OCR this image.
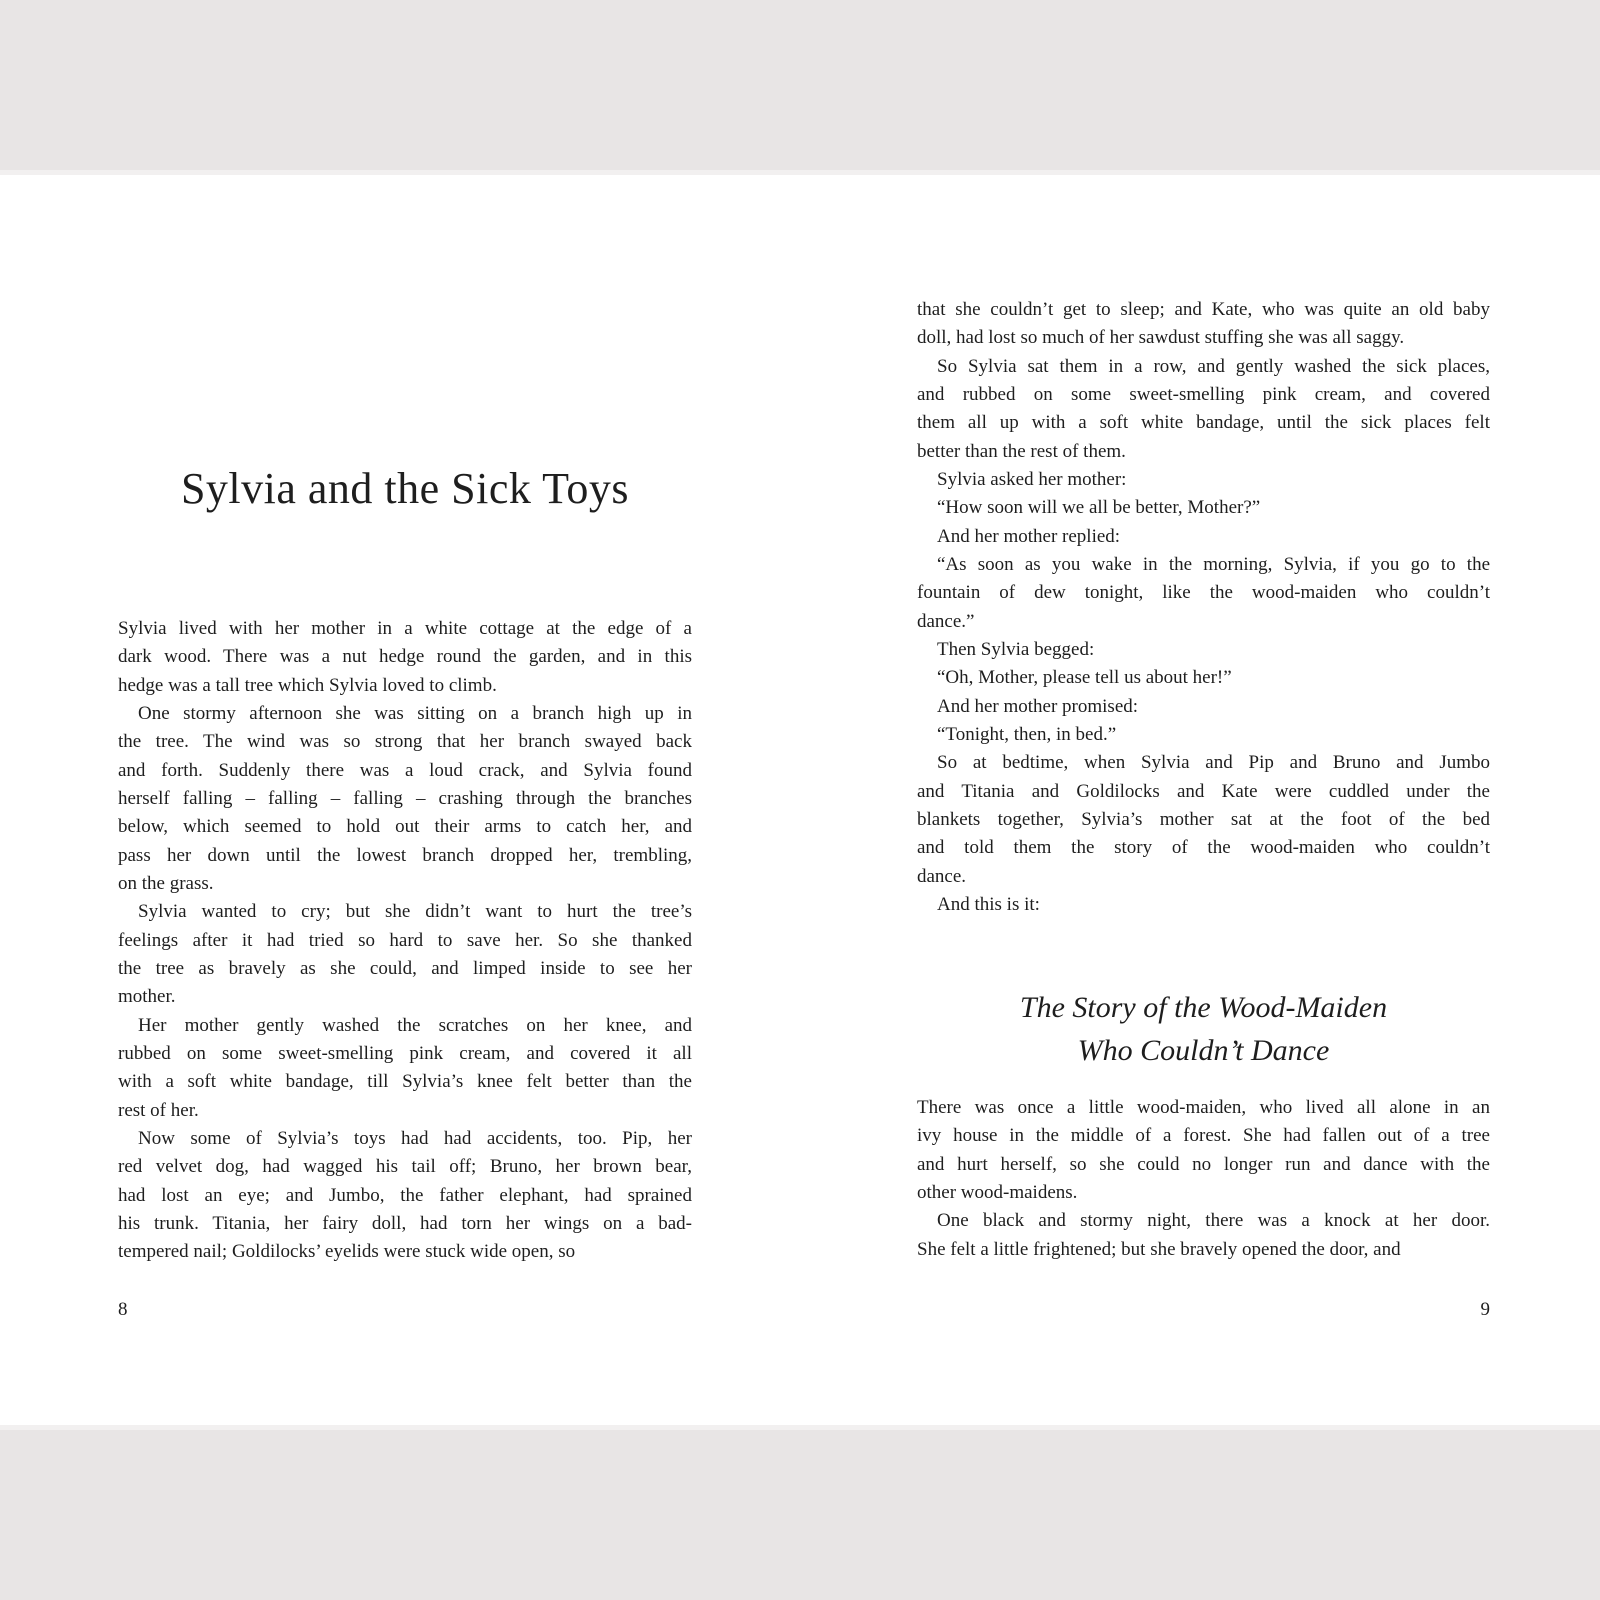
Sylvia and the Sick Toys
Sylvia lived with her mother in a white cottage at the edge of a
dark wood. There was a nut hedge round the garden, and in this
hedge was a tall tree which Sylvia loved to climb.
One stormy afternoon she was sitting on a branch high up in
the tree. The wind was so strong that her branch swayed back
and forth. Suddenly there was a loud crack, and Sylvia found
herself falling – falling – falling – crashing through the branches
below, which seemed to hold out their arms to catch her, and
pass her down until the lowest branch dropped her, trembling,
on the grass.
Sylvia wanted to cry; but she didn’t want to hurt the tree’s
feelings after it had tried so hard to save her. So she thanked
the tree as bravely as she could, and limped inside to see her
mother.
Her mother gently washed the scratches on her knee, and
rubbed on some sweet-smelling pink cream, and covered it all
with a soft white bandage, till Sylvia’s knee felt better than the
rest of her.
Now some of Sylvia’s toys had had accidents, too. Pip, her
red velvet dog, had wagged his tail off; Bruno, her brown bear,
had lost an eye; and Jumbo, the father elephant, had sprained
his trunk. Titania, her fairy doll, had torn her wings on a bad-
tempered nail; Goldilocks’ eyelids were stuck wide open, so
8
that she couldn’t get to sleep; and Kate, who was quite an old baby
doll, had lost so much of her sawdust stuffing she was all saggy.
So Sylvia sat them in a row, and gently washed the sick places,
and rubbed on some sweet-smelling pink cream, and covered
them all up with a soft white bandage, until the sick places felt
better than the rest of them.
Sylvia asked her mother:
“How soon will we all be better, Mother?”
And her mother replied:
“As soon as you wake in the morning, Sylvia, if you go to the
fountain of dew tonight, like the wood-maiden who couldn’t
dance.”
Then Sylvia begged:
“Oh, Mother, please tell us about her!”
And her mother promised:
“Tonight, then, in bed.”
So at bedtime, when Sylvia and Pip and Bruno and Jumbo
and Titania and Goldilocks and Kate were cuddled under the
blankets together, Sylvia’s mother sat at the foot of the bed
and told them the story of the wood-maiden who couldn’t
dance.
And this is it:
The Story of the Wood-Maiden
Who Couldn’t Dance
There was once a little wood-maiden, who lived all alone in an
ivy house in the middle of a forest. She had fallen out of a tree
and hurt herself, so she could no longer run and dance with the
other wood-maidens.
One black and stormy night, there was a knock at her door.
She felt a little frightened; but she bravely opened the door, and
9
